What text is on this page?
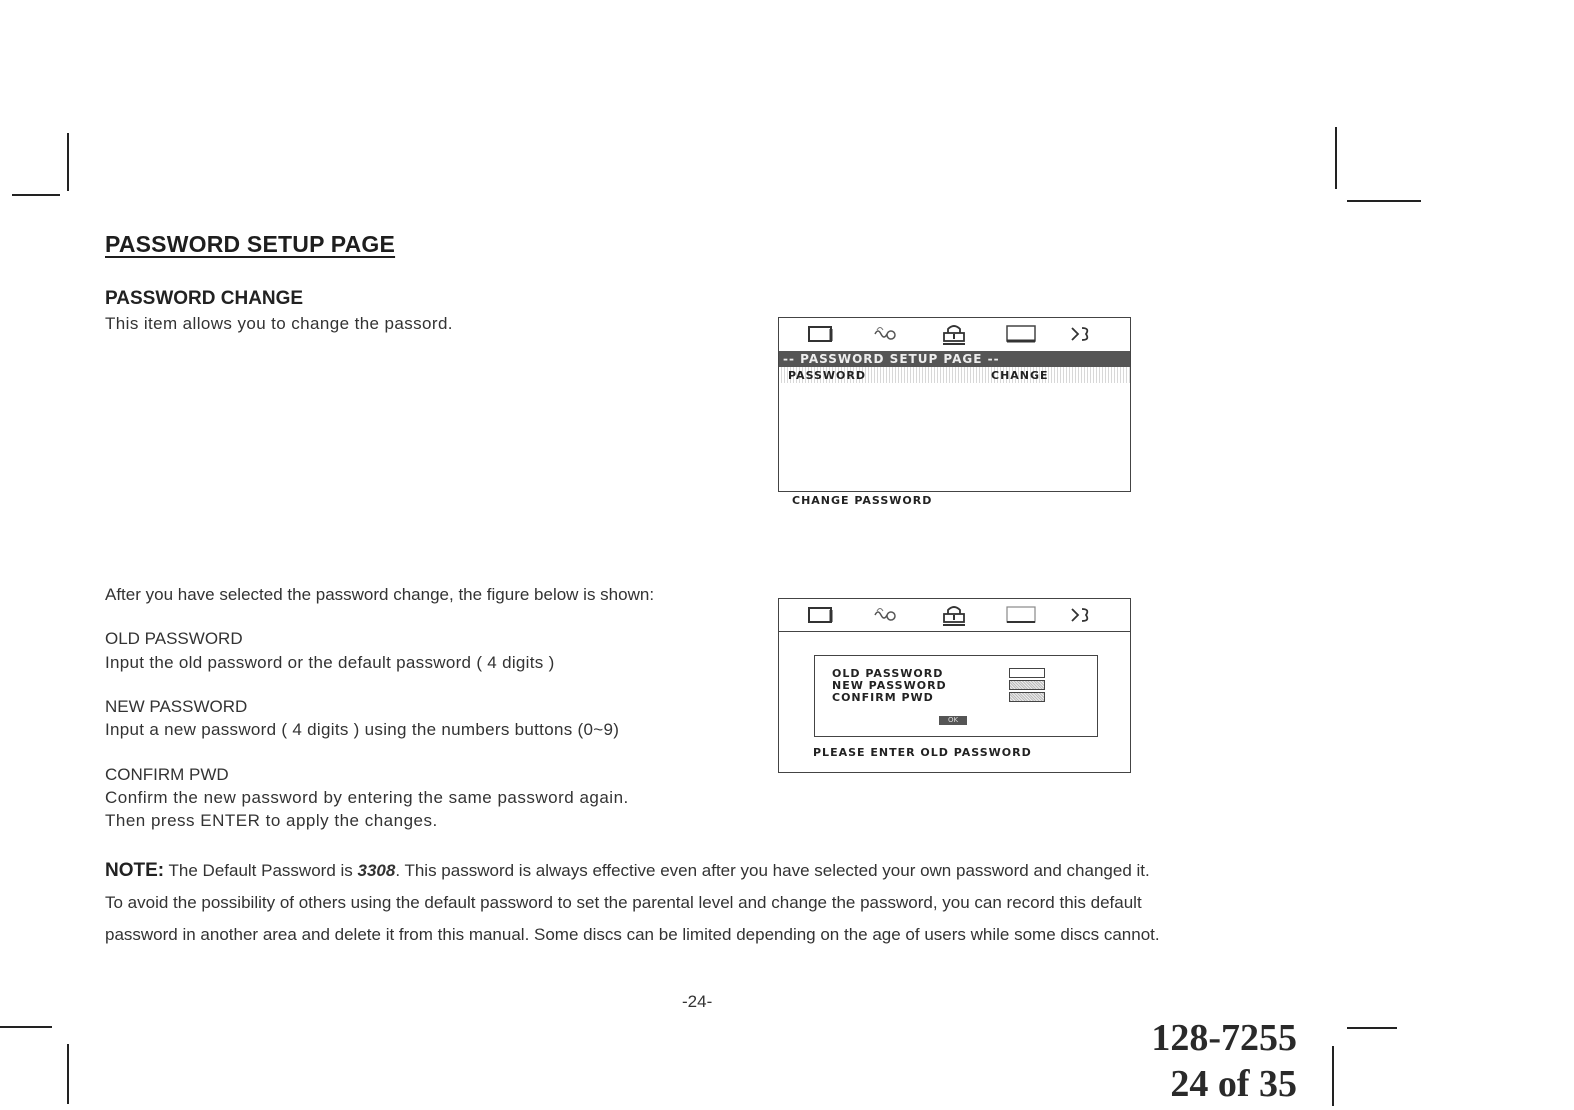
PASSWORD SETUP PAGE
PASSWORD CHANGE
This item allows you to change the passord.
-- PASSWORD SETUP PAGE --
PASSWORD	CHANGE
CHANGE PASSWORD
After you have selected the password change, the figure below is shown:
OLD PASSWORD
Input the old password or the default password ( 4 digits )
NEW PASSWORD
Input a new password ( 4 digits ) using the numbers buttons (0~9)
CONFIRM PWD
Confirm the new password by entering the same password again.
Then press ENTER to apply the changes.
OLD PASSWORD
NEW PASSWORD
CONFIRM PWD
OK
PLEASE ENTER OLD PASSWORD
NOTE: The Default Password is 3308. This password is always effective even after you have selected your own password and changed it.
To avoid the possibility of others using the default password to set the parental level and change the password, you can record this default
password in another area and delete it from this manual. Some discs can be limited depending on the age of users while some discs cannot.
-24-
128-7255
24 of 35
